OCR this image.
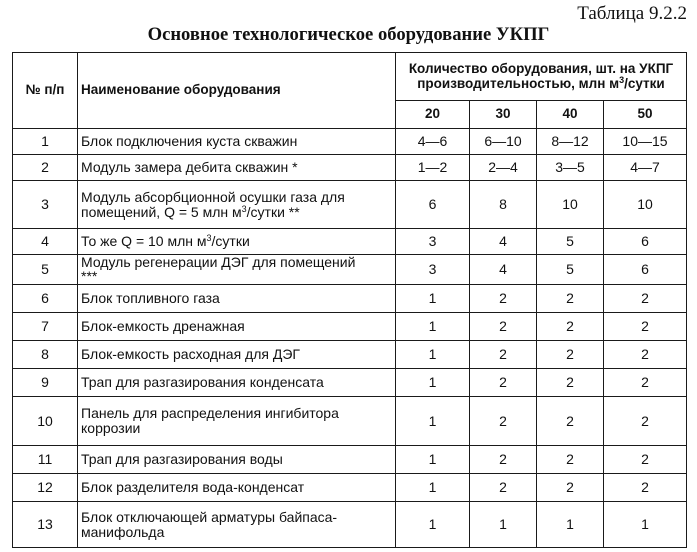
Таблица 9.2.2
Основное технологическое оборудование УКПГ
№ п/п	Наименование оборудования	Количество оборудования, шт. на УКПГ
производительностью, млн $м^3$/сутки			
		20	30	40	50
1	Блок подключения куста скважин	4—6	6—10	8—12	10—15
2	Модуль замера дебита скважин *	1—2	2—4	3—5	4—7
3	Модуль абсорбционной осушки газа для
помещений, Q = 5 млн $м^3$/сутки **	6	8	10	10
4	То же Q = 10 млн $м^3$/сутки	3	4	5	6
5	Модуль регенерации ДЭГ для помещений
***	3	4	5	6
6	Блок топливного газа	1	2	2	2
7	Блок-емкость дренажная	1	2	2	2
8	Блок-емкость расходная для ДЭГ	1	2	2	2
9	Трап для разгазирования конденсата	1	2	2	2
10	Панель для распределения ингибитора
коррозии	1	2	2	2
11	Трап для разгазирования воды	1	2	2	2
12	Блок разделителя вода-конденсат	1	2	2	2
13	Блок отключающей арматуры байпаса-
манифольда	1	1	1	1
